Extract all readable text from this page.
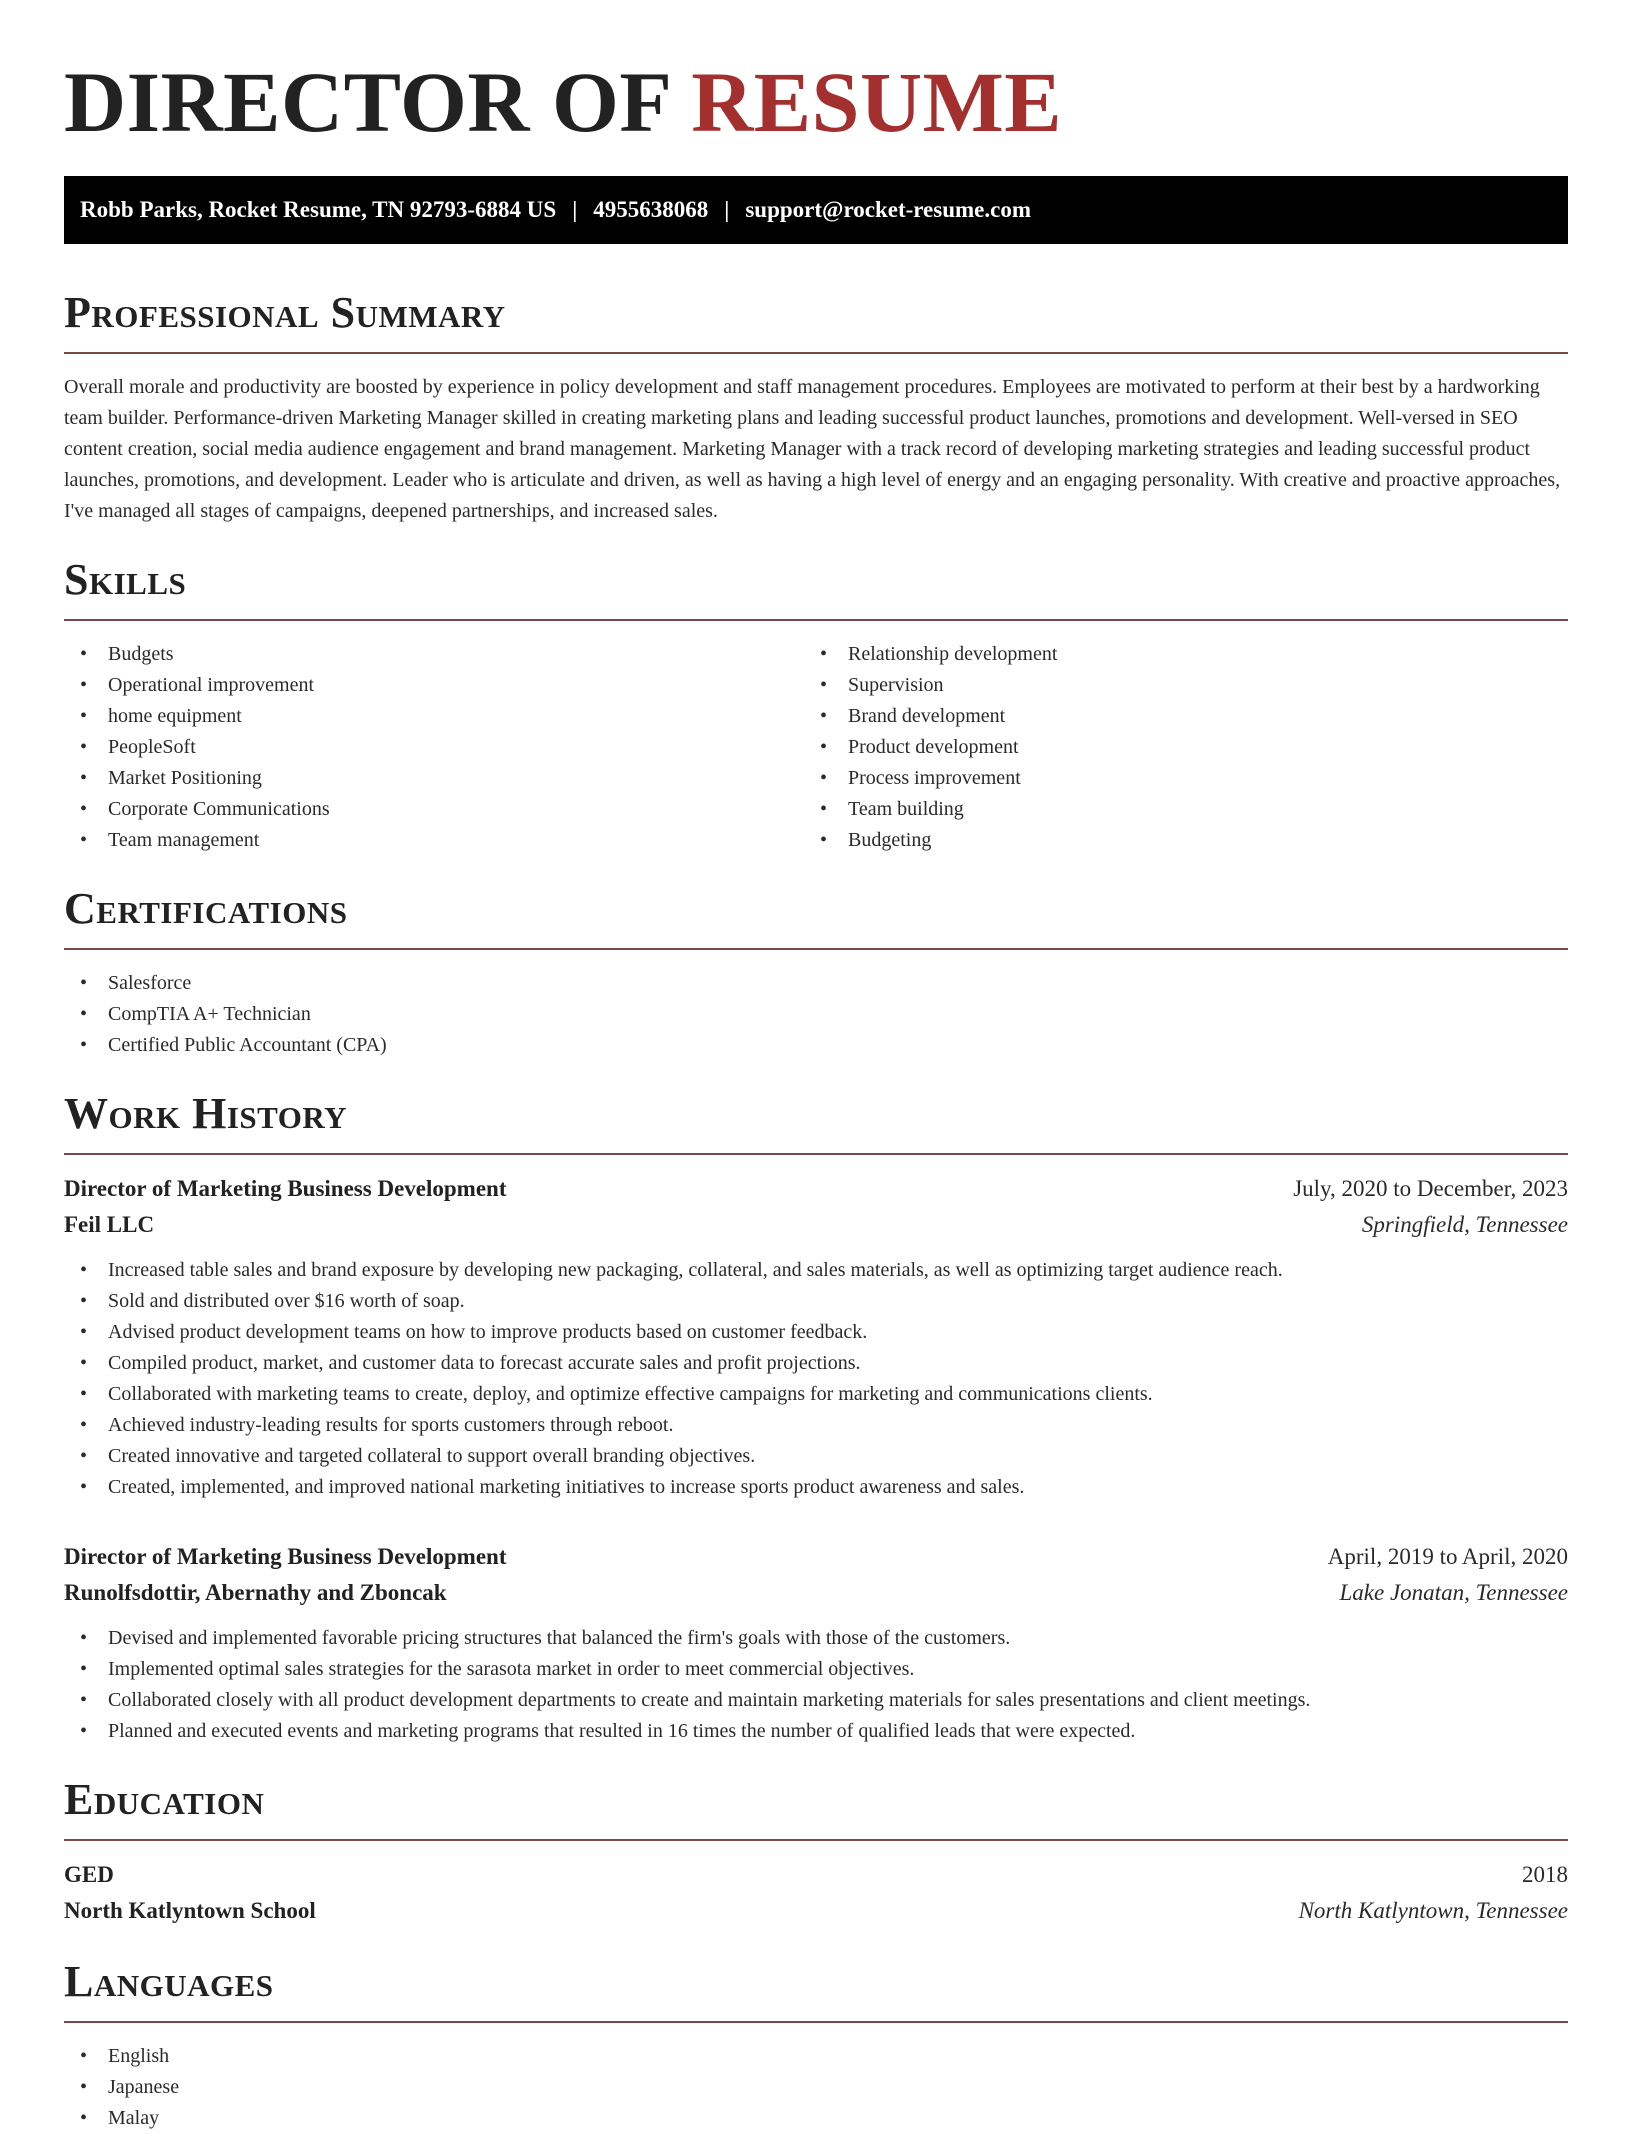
DIRECTOR OF RESUME
Robb Parks, Rocket Resume, TN 92793-6884 US | 4955638068 | support@rocket-resume.com
Professional Summary

Overall morale and productivity are boosted by experience in policy development and staff management procedures. Employees are motivated to perform at their best by a hardworking team builder. Performance-driven Marketing Manager skilled in creating marketing plans and leading successful product launches, promotions and development. Well-versed in SEO content creation, social media audience engagement and brand management. Marketing Manager with a track record of developing marketing strategies and leading successful product launches, promotions, and development. Leader who is articulate and driven, as well as having a high level of energy and an engaging personality. With creative and proactive approaches, I've managed all stages of campaigns, deepened partnerships, and increased sales.

Skills
• Budgets
• Operational improvement
• home equipment
• PeopleSoft
• Market Positioning
• Corporate Communications
• Team management
• Relationship development
• Supervision
• Brand development
• Product development
• Process improvement
• Team building
• Budgeting
Certifications
• Salesforce
• CompTIA A+ Technician
• Certified Public Accountant (CPA)
Work History
Director of Marketing Business Development	July, 2020 to December, 2023
Feil LLC	Springfield, Tennessee
• Increased table sales and brand exposure by developing new packaging, collateral, and sales materials, as well as optimizing target audience reach.
• Sold and distributed over $16 worth of soap.
• Advised product development teams on how to improve products based on customer feedback.
• Compiled product, market, and customer data to forecast accurate sales and profit projections.
• Collaborated with marketing teams to create, deploy, and optimize effective campaigns for marketing and communications clients.
• Achieved industry-leading results for sports customers through reboot.
• Created innovative and targeted collateral to support overall branding objectives.
• Created, implemented, and improved national marketing initiatives to increase sports product awareness and sales.
Director of Marketing Business Development	April, 2019 to April, 2020
Runolfsdottir, Abernathy and Zboncak	Lake Jonatan, Tennessee
• Devised and implemented favorable pricing structures that balanced the firm's goals with those of the customers.
• Implemented optimal sales strategies for the sarasota market in order to meet commercial objectives.
• Collaborated closely with all product development departments to create and maintain marketing materials for sales presentations and client meetings.
• Planned and executed events and marketing programs that resulted in 16 times the number of qualified leads that were expected.
Education
GED	2018
North Katlyntown School	North Katlyntown, Tennessee
Languages
• English
• Japanese
• Malay
